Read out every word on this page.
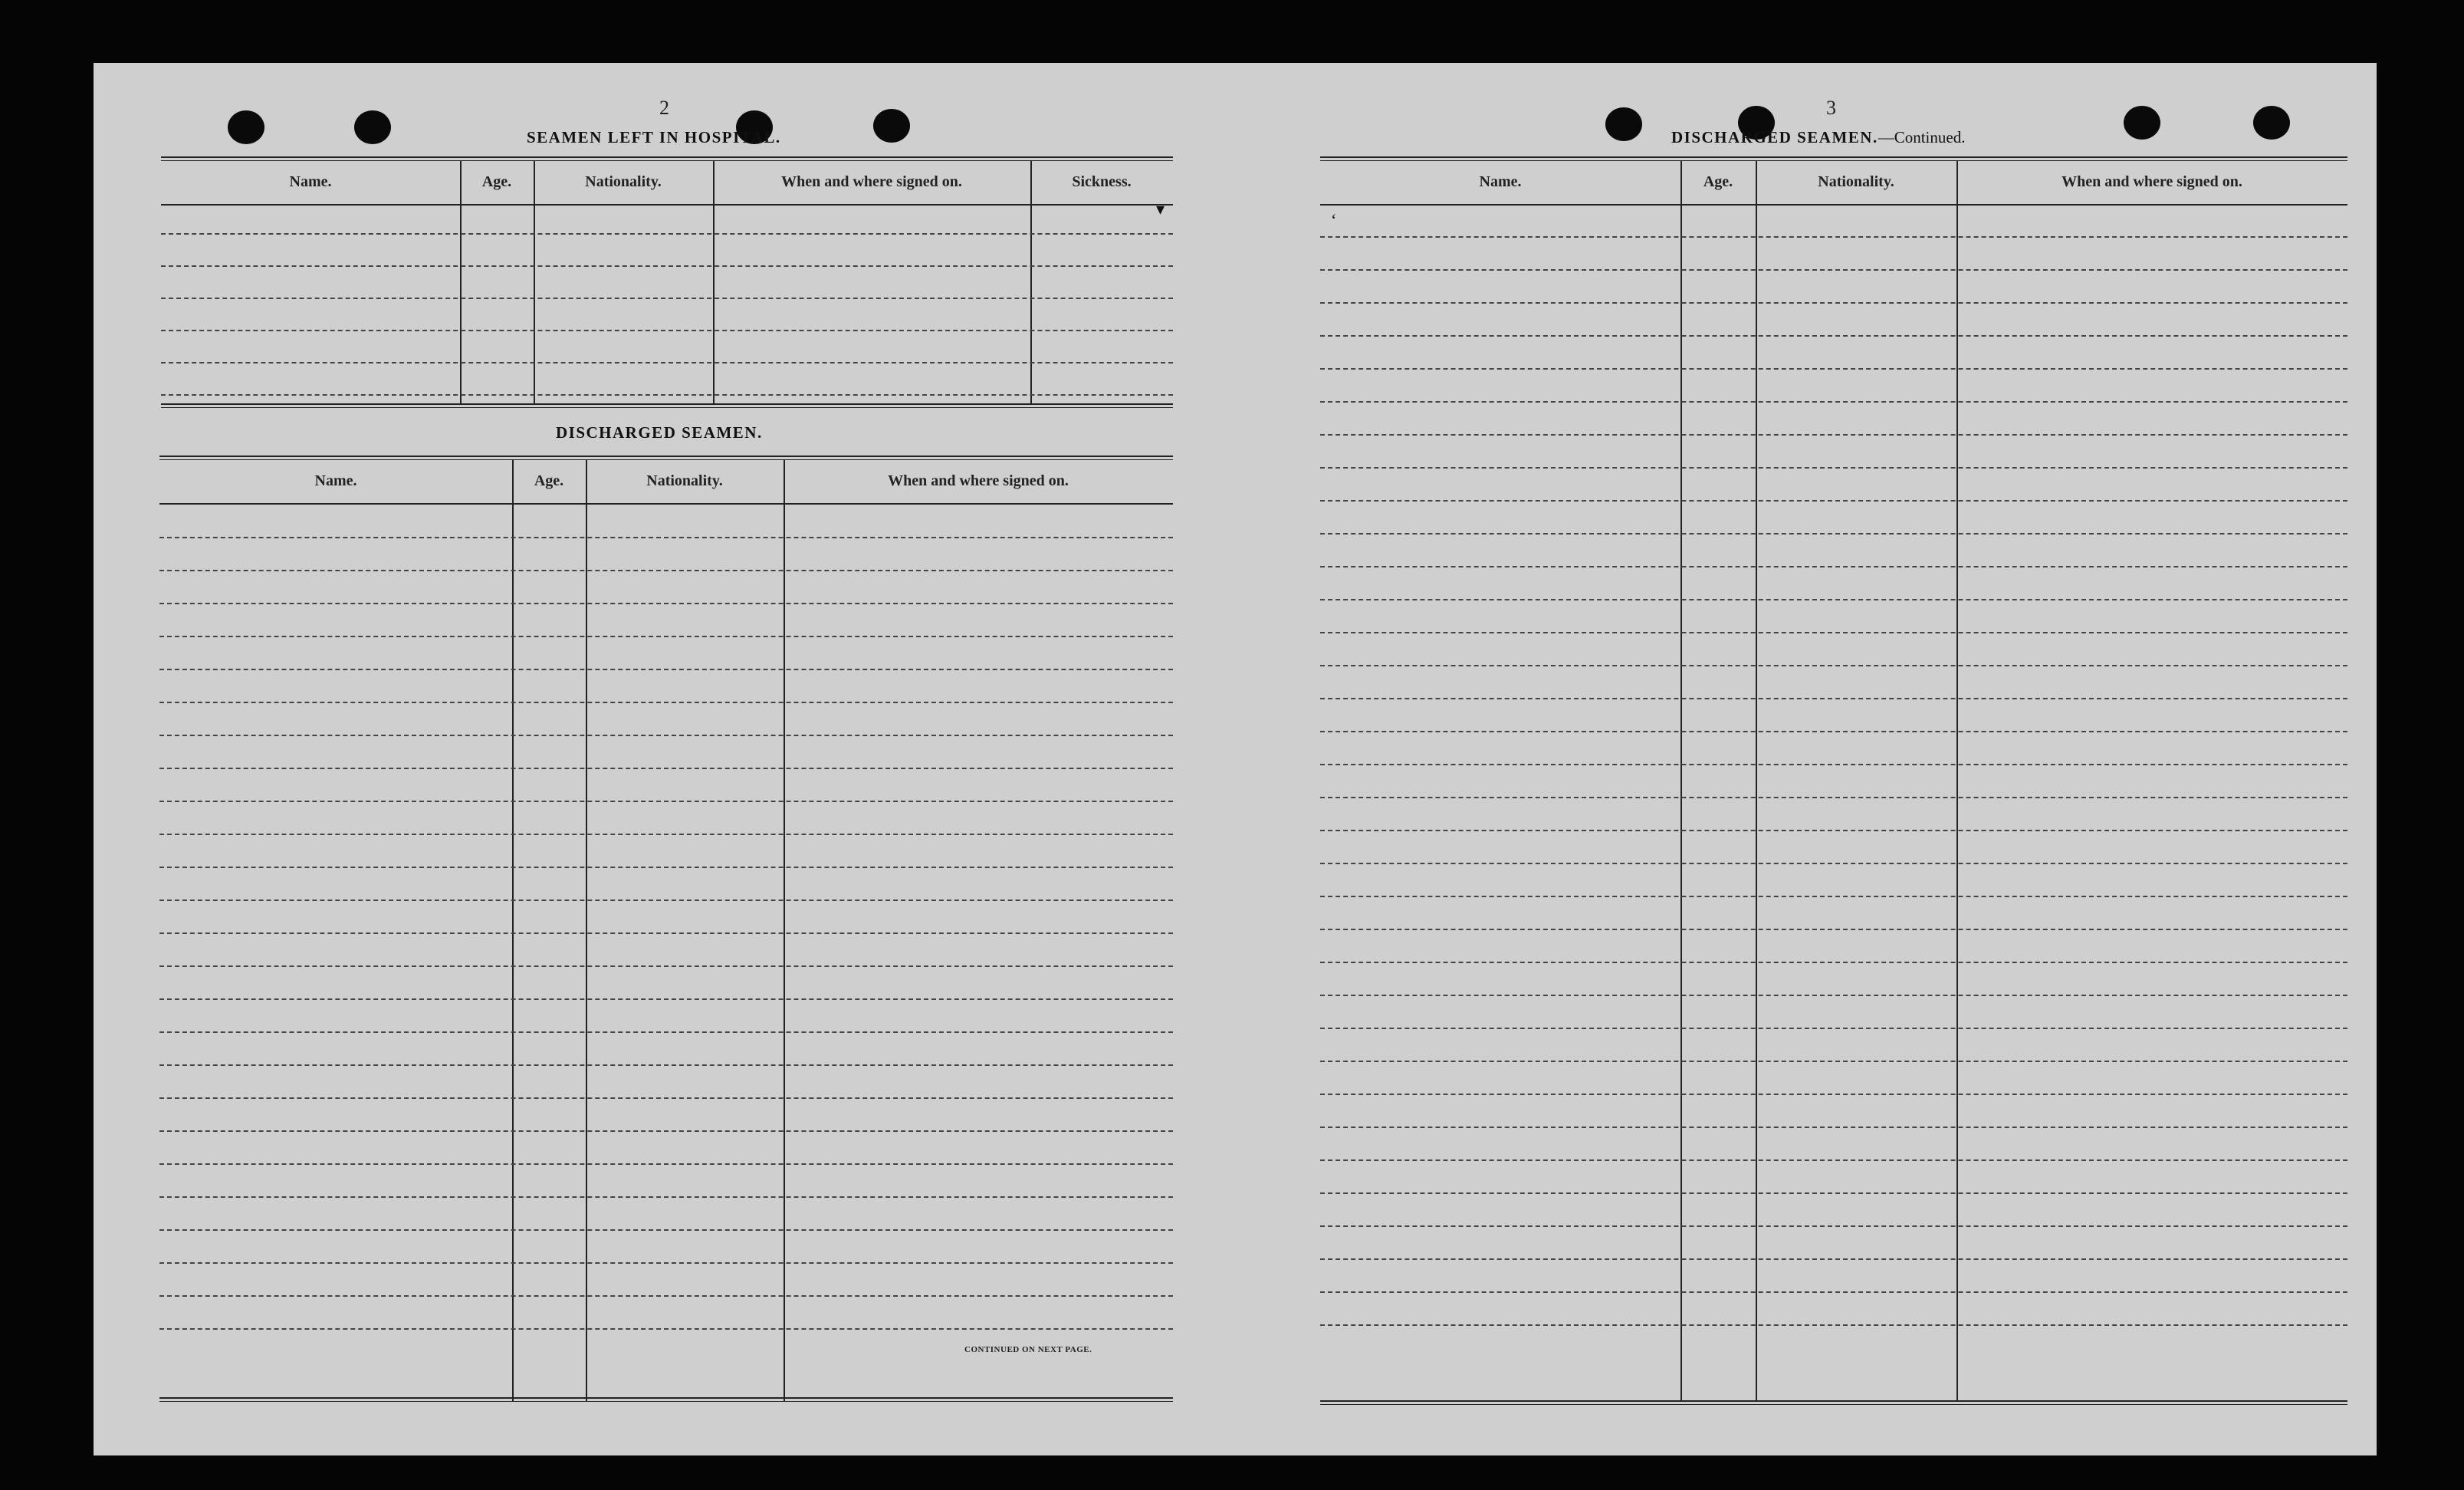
2
SEAMEN LEFT IN HOSPITAL.
Name.	Age.	Nationality.	When and where signed on.	Sickness.
▾
DISCHARGED SEAMEN.
Name.	Age.	Nationality.	When and where signed on.
CONTINUED ON NEXT PAGE.
3
DISCHARGED SEAMEN.—Continued.
Name.	Age.	Nationality.	When and where signed on.
ʻ
